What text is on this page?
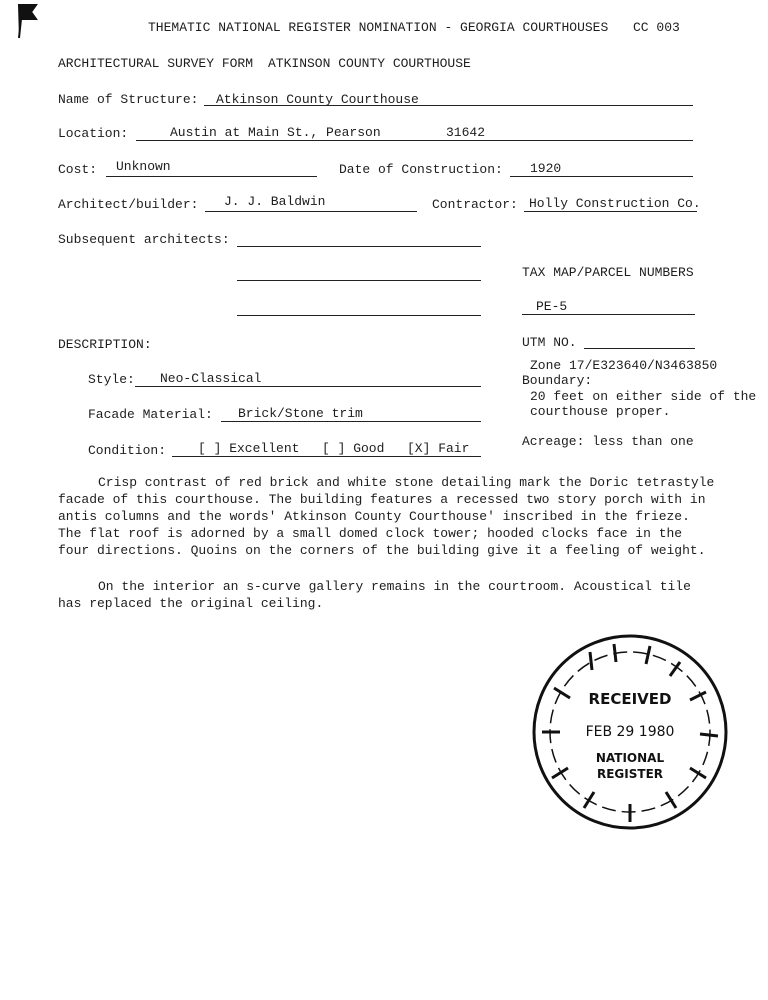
THEMATIC NATIONAL REGISTER NOMINATION - GEORGIA COURTHOUSES CC 003
ARCHITECTURAL SURVEY FORM ATKINSON COUNTY COURTHOUSE
Name of Structure: Atkinson County Courthouse
Location:	Austin at Main St., Pearson	31642
Cost: Unknown	Date of Construction: 1920
Architect/builder: J. J. Baldwin	Contractor: Holly Construction Co.
Subsequent architects:
TAX MAP/PARCEL NUMBERS
PE-5
DESCRIPTION:
Style: Neo-Classical
Facade Material: Brick/Stone trim
Condition: [ ] Excellent [ ] Good [X] Fair
UTM NO.
Zone 17/E323640/N3463850
Boundary:
20 feet on either side of the
courthouse proper.
Acreage: less than one

Crisp contrast of red brick and white stone detailing mark the Doric tetrastyle facade of this courthouse. The building features a recessed two story porch with in antis columns and the words' Atkinson County Courthouse' inscribed in the frieze. The flat roof is adorned by a small domed clock tower; hooded clocks face in the four directions. Quoins on the corners of the building give it a feeling of weight.

On the interior an s-curve gallery remains in the courtroom. Acoustical tile has replaced the original ceiling.

RECEIVED
FEB 29 1980
NATIONAL
REGISTER
